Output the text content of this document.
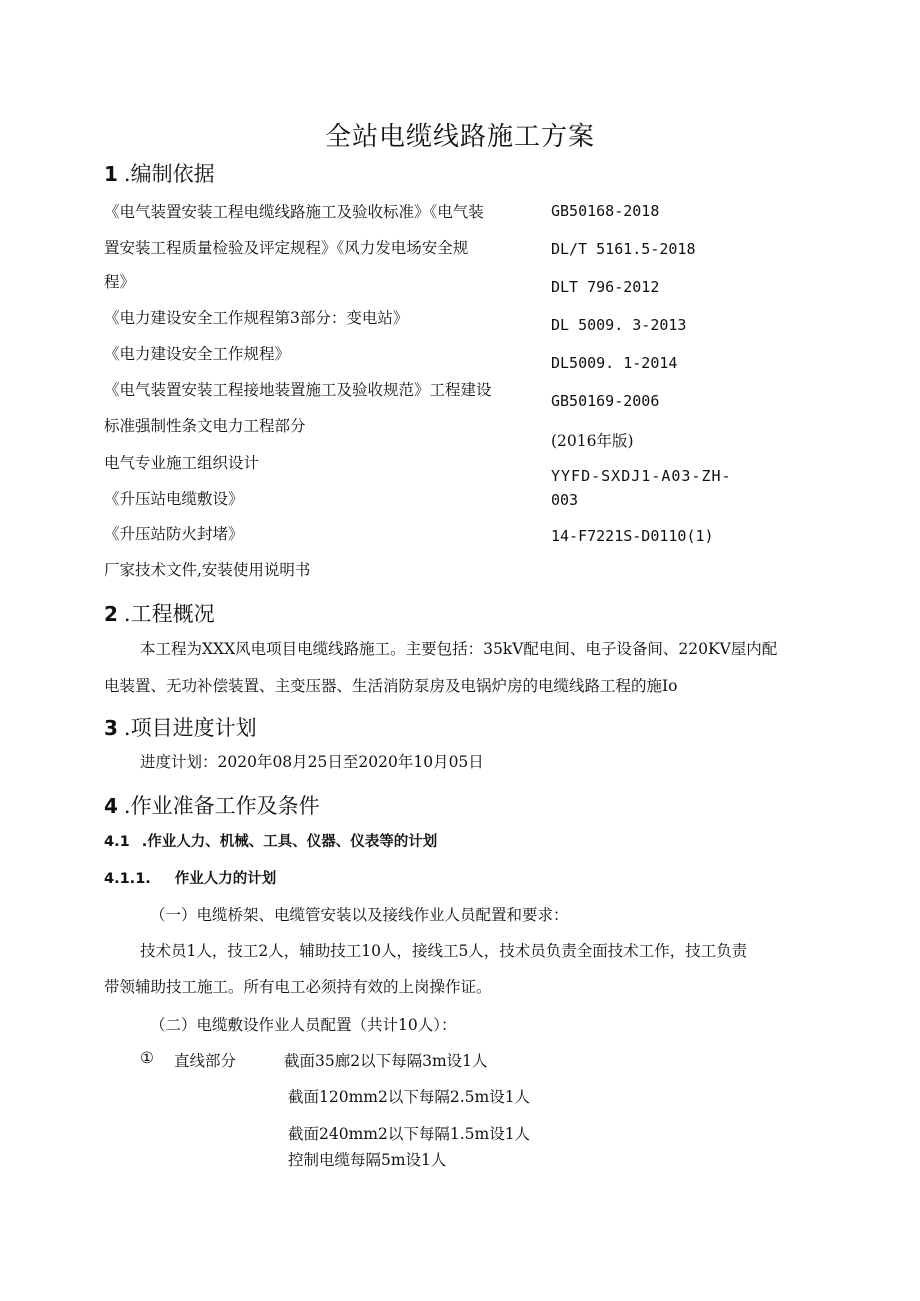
全站电缆线路施工方案
1 .编制依据
《电气装置安装工程电缆线路施工及验收标准》《电气装
置安装工程质量检验及评定规程》《风力发电场安全规
程》
《电力建设安全工作规程第3部分：变电站》
《电力建设安全工作规程》
《电气装置安装工程接地装置施工及验收规范》工程建设
标准强制性条文电力工程部分
电气专业施工组织设计
《升压站电缆敷设》
《升压站防火封堵》
厂家技术文件,安装使用说明书
GB50168-2018
DL/T 5161.5-2018
DLT 796-2012
DL 5009. 3-2013
DL5009. 1-2014
GB50169-2006
(2016年版)
YYFD-SXDJ1-A03-ZH-
003
14-F7221S-D0110(1)
2 .工程概况
本工程为XXX风电项目电缆线路施工。主要包括：35kV配电间、电子设备间、220KV屋内配
电装置、无功补偿装置、主变压器、生活消防泵房及电锅炉房的电缆线路工程的施Io
3 .项目进度计划
进度计划：2020年08月25日至2020年10月05日
4 .作业准备工作及条件
4.1 .作业人力、机械、工具、仪器、仪表等的计划
4.1.1. 作业人力的计划
（一）电缆桥架、电缆管安装以及接线作业人员配置和要求：
技术员1人，技工2人，辅助技工10人，接线工5人，技术员负责全面技术工作，技工负责
带领辅助技工施工。所有电工必须持有效的上岗操作证。
（二）电缆敷设作业人员配置（共计10人）：
① 直线部分	截面35廊2以下每隔3m设1人
截面120mm2以下每隔2.5m设1人
截面240mm2以下每隔1.5m设1人
控制电缆每隔5m设1人
